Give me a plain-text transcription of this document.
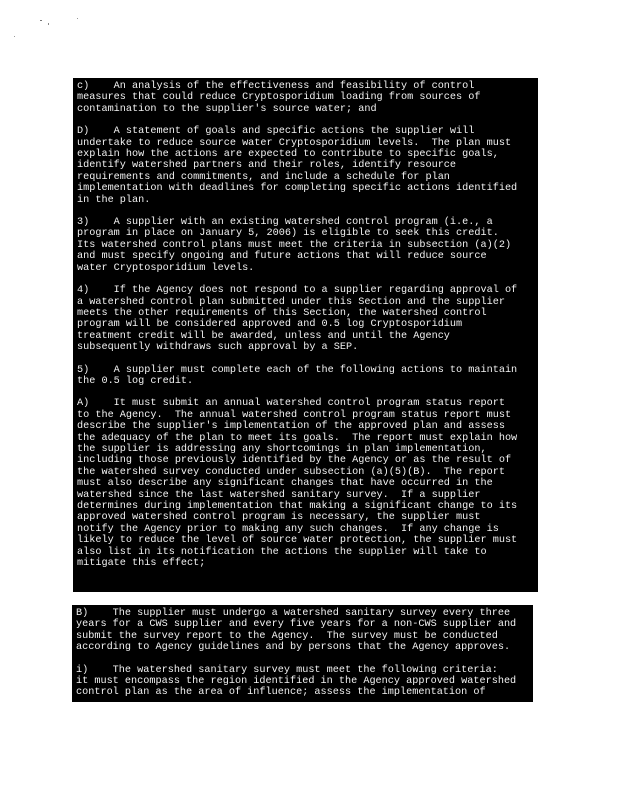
c)    An analysis of the effectiveness and feasibility of control
measures that could reduce Cryptosporidium loading from sources of
contamination to the supplier's source water; and
D)    A statement of goals and specific actions the supplier will
undertake to reduce source water Cryptosporidium levels.  The plan must
explain how the actions are expected to contribute to specific goals,
identify watershed partners and their roles, identify resource
requirements and commitments, and include a schedule for plan
implementation with deadlines for completing specific actions identified
in the plan.
3)    A supplier with an existing watershed control program (i.e., a
program in place on January 5, 2006) is eligible to seek this credit.
Its watershed control plans must meet the criteria in subsection (a)(2)
and must specify ongoing and future actions that will reduce source
water Cryptosporidium levels.
4)    If the Agency does not respond to a supplier regarding approval of
a watershed control plan submitted under this Section and the supplier
meets the other requirements of this Section, the watershed control
program will be considered approved and 0.5 log Cryptosporidium
treatment credit will be awarded, unless and until the Agency
subsequently withdraws such approval by a SEP.
5)    A supplier must complete each of the following actions to maintain
the 0.5 log credit.
A)    It must submit an annual watershed control program status report
to the Agency.  The annual watershed control program status report must
describe the supplier's implementation of the approved plan and assess
the adequacy of the plan to meet its goals.  The report must explain how
the supplier is addressing any shortcomings in plan implementation,
including those previously identified by the Agency or as the result of
the watershed survey conducted under subsection (a)(5)(B).  The report
must also describe any significant changes that have occurred in the
watershed since the last watershed sanitary survey.  If a supplier
determines during implementation that making a significant change to its
approved watershed control program is necessary, the supplier must
notify the Agency prior to making any such changes.  If any change is
likely to reduce the level of source water protection, the supplier must
also list in its notification the actions the supplier will take to
mitigate this effect;
B)    The supplier must undergo a watershed sanitary survey every three
years for a CWS supplier and every five years for a non-CWS supplier and
submit the survey report to the Agency.  The survey must be conducted
according to Agency guidelines and by persons that the Agency approves.
i)    The watershed sanitary survey must meet the following criteria:
it must encompass the region identified in the Agency approved watershed
control plan as the area of influence; assess the implementation of
